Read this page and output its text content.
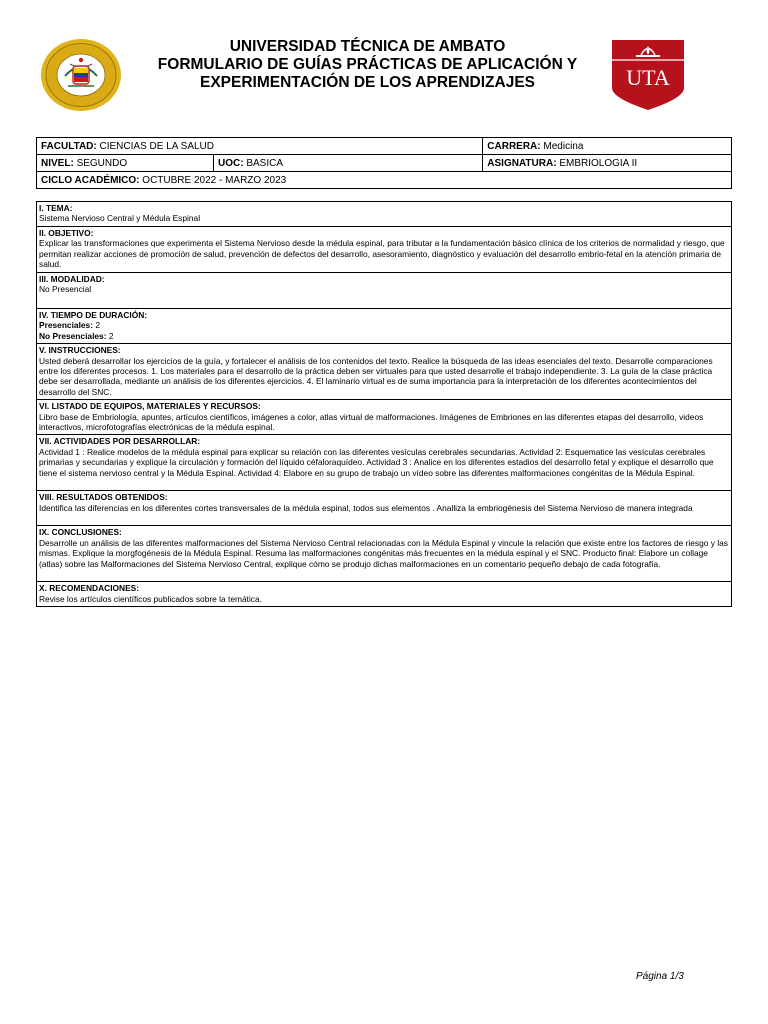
UNIVERSIDAD TÉCNICA DE AMBATO
FORMULARIO DE GUÍAS PRÁCTICAS DE APLICACIÓN Y
EXPERIMENTACIÓN DE LOS APRENDIZAJES	UTA
FACULTAD: CIENCIAS DE LA SALUD		CARRERA: Medicina
NIVEL: SEGUNDO	UOC: BASICA	ASIGNATURA: EMBRIOLOGIA II
CICLO ACADÉMICO: OCTUBRE 2022 - MARZO 2023		
I. TEMA:
Sistema Nervioso Central y Médula Espinal

II. OBJETIVO:
Explicar las transformaciones que experimenta el Sistema Nervioso desde la médula espinal, para tributar a la fundamentación básico clínica de los criterios de normalidad y riesgo, que permitan realizar acciones de promoción de salud, prevención de defectos del desarrollo, asesoramiento, diagnóstico y evaluación del desarrollo embrio-fetal en la atención primaria de salud.

III. MODALIDAD:
No Presencial

IV. TIEMPO DE DURACIÓN:
Presenciales: 2
No Presenciales: 2

V. INSTRUCCIONES:
Usted deberá desarrollar los ejercicios de la guía, y fortalecer el análisis de los contenidos del texto. Realice la búsqueda de las ideas esenciales del texto. Desarrolle comparaciones entre los diferentes procesos. 1. Los materiales para el desarrollo de la práctica deben ser virtuales para que usted desarrolle el trabajo independiente. 3. La guía de la clase práctica debe ser desarrollada, mediante un análisis de los diferentes ejercicios. 4. El laminario virtual es de suma importancia para la interpretaciòn de los diferentes acontecimientos del desarrollo del SNC.

VI. LISTADO DE EQUIPOS, MATERIALES Y RECURSOS:
Libro base de Embriología, apuntes, artículos científicos, imágenes a color, atlas virtual de malformaciones. Imágenes de Embriones en las diferentes etapas del desarrollo, videos interactivos, microfotografías electrónicas de la médula espinal.

VII. ACTIVIDADES POR DESARROLLAR:
Actividad 1 : Realice modelos de la médula espinal para explicar su relación con las diferentes vesículas cerebrales secundarias. Actividad 2: Esquematice las vesículas cerebrales primarias y secundarias y explique la circulación y formación del líquido céfaloraquídeo. Actividad 3 : Analice en los diferentes estadios del desarrollo fetal y explique el desarrollo que tiene el sistema nervioso central y la Médula Espinal. Actividad 4: Elabore en su grupo de trabajo un vídeo sobre las diferentes malformaciones congénitas de la Médula Espinal.

VIII. RESULTADOS OBTENIDOS:
Identifica las diferencias en los diferentes cortes transversales de la médula espinal, todos sus elementos . Analliza la embriogénesis del Sistema Nervioso de manera integrada

IX. CONCLUSIONES:
Desarrolle un análisis de las diferentes malformaciones del Sistema Nervioso Central relacionadas con la Médula Espinal y vincule la relación que existe entre los factores de riesgo y las mismas. Explique la morgfogénesis de la Médula Espinal. Resuma las malformaciones congénitas más frecuentes en la médula espinal y el SNC. Producto final: Elabore un collage (atlas) sobre las Malformaciones del Sistema Nervioso Central, explique cómo se produjo dichas malformaciones en un comentario pequeño debajo de cada fotografía.

X. RECOMENDACIONES:
Revise los artículos científicos publicados sobre la temática.
Página 1/3
